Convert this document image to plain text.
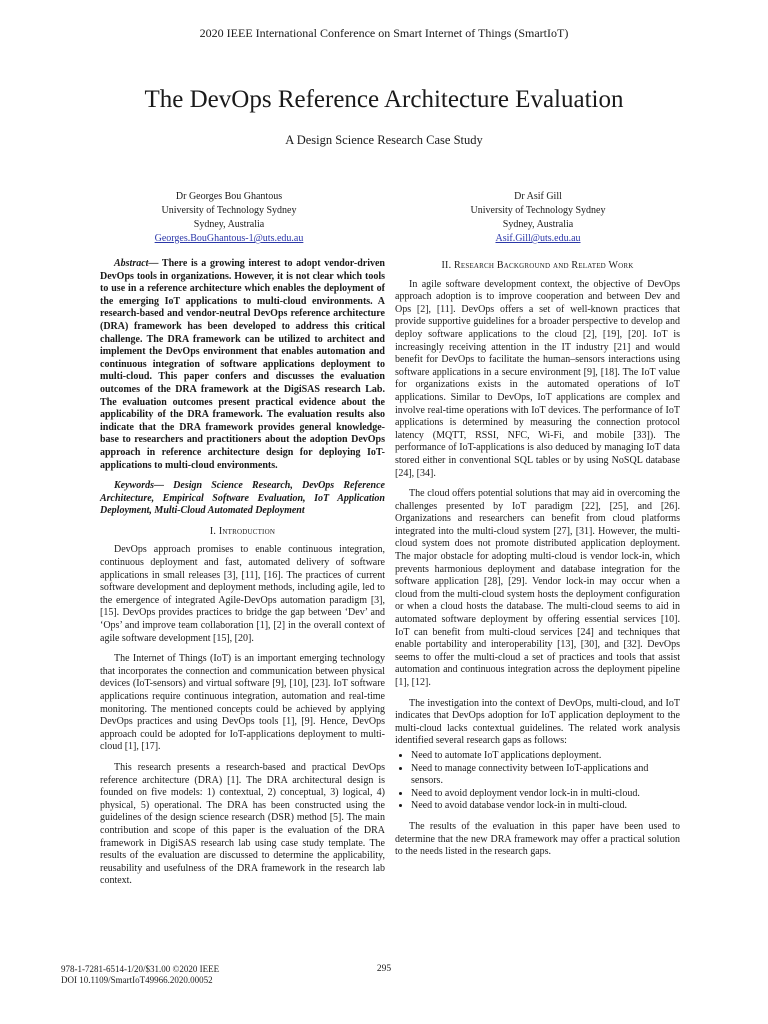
2020 IEEE International Conference on Smart Internet of Things (SmartIoT)
The DevOps Reference Architecture Evaluation
A Design Science Research Case Study
Dr Georges Bou Ghantous
University of Technology Sydney
Sydney, Australia
Georges.BouGhantous-1@uts.edu.au
Dr Asif Gill
University of Technology Sydney
Sydney, Australia
Asif.Gill@uts.edu.au

Abstract— There is a growing interest to adopt vendor-driven DevOps tools in organizations. However, it is not clear which tools to use in a reference architecture which enables the deployment of the emerging IoT applications to multi-cloud environments. A research-based and vendor-neutral DevOps reference architecture (DRA) framework has been developed to address this critical challenge. The DRA framework can be utilized to architect and implement the DevOps environment that enables automation and continuous integration of software applications deployment to multi-cloud. This paper confers and discusses the evaluation outcomes of the DRA framework at the DigiSAS research Lab. The evaluation outcomes present practical evidence about the applicability of the DRA framework. The evaluation results also indicate that the DRA framework provides general knowledge-base to researchers and practitioners about the adoption DevOps approach in reference architecture design for deploying IoT-applications to multi-cloud environments.

Keywords— Design Science Research, DevOps Reference Architecture, Empirical Software Evaluation, IoT Application Deployment, Multi-Cloud Automated Deployment

I. Introduction

DevOps approach promises to enable continuous integration, continuous deployment and fast, automated delivery of software applications in small releases [3], [11], [16]. The practices of current software development and deployment methods, including agile, led to the emergence of integrated Agile-DevOps automation paradigm [3], [15]. DevOps provides practices to bridge the gap between ‘Dev’ and ‘Ops’ and improve team collaboration [1], [2] in the overall context of agile software development [15], [20].

The Internet of Things (IoT) is an important emerging technology that incorporates the connection and communication between physical devices (IoT-sensors) and virtual software [9], [10], [23]. IoT software applications require continuous integration, automation and real-time monitoring. The mentioned concepts could be achieved by applying DevOps practices and using DevOps tools [1], [9]. Hence, DevOps approach could be adopted for IoT-applications deployment to multi-cloud [1], [17].

This research presents a research-based and practical DevOps reference architecture (DRA) [1]. The DRA architectural design is founded on five models: 1) contextual, 2) conceptual, 3) logical, 4) physical, 5) operational. The DRA has been constructed using the guidelines of the design science research (DSR) method [5]. The main contribution and scope of this paper is the evaluation of the DRA framework in DigiSAS research lab using case study template. The results of the evaluation are discussed to determine the applicability, reusability and usefulness of the DRA framework in the research lab context.

II. Research Background and Related Work

In agile software development context, the objective of DevOps approach adoption is to improve cooperation and between Dev and Ops [2], [11]. DevOps offers a set of well-known practices that provide supportive guidelines for a broader perspective to develop and deploy software applications to the cloud [2], [19], [20]. IoT is increasingly receiving attention in the IT industry [21] and would benefit for DevOps to facilitate the human–sensors interactions using software applications in a secure environment [9], [18]. The IoT value for organizations exists in the automated operations of IoT applications. Similar to DevOps, IoT applications are complex and involve real-time operations with IoT devices. The performance of IoT applications is determined by measuring the connection protocol latency (MQTT, RSSI, NFC, Wi-Fi, and mobile [33]). The performance of IoT-applications is also deduced by managing IoT data stored either in conventional SQL tables or by using NoSQL database [24], [34].

The cloud offers potential solutions that may aid in overcoming the challenges presented by IoT paradigm [22], [25], and [26]. Organizations and researchers can benefit from cloud platforms integrated into the multi-cloud system [27], [31]. However, the multi-cloud system does not promote distributed application deployment. The major obstacle for adopting multi-cloud is vendor lock-in, which prevents harmonious deployment and database integration for the software application [28], [29]. Vendor lock-in may occur when a cloud from the multi-cloud system hosts the deployment configuration or when a cloud hosts the database. The multi-cloud seems to aid in automated software deployment by offering essential services [10]. IoT can benefit from multi-cloud services [24] and techniques that enable portability and interoperability [13], [30], and [32]. DevOps seems to offer the multi-cloud a set of practices and tools that assist automation and continuous integration across the deployment pipeline [1], [12].

The investigation into the context of DevOps, multi-cloud, and IoT indicates that DevOps adoption for IoT application deployment to the multi-cloud lacks contextual guidelines. The related work analysis identified several research gaps as follows:

• Need to automate IoT applications deployment.
• Need to manage connectivity between IoT-applications and sensors.
• Need to avoid deployment vendor lock-in in multi-cloud.
• Need to avoid database vendor lock-in in multi-cloud.

The results of the evaluation in this paper have been used to determine that the new DRA framework may offer a practical solution to the needs listed in the research gaps.

978-1-7281-6514-1/20/$31.00 ©2020 IEEE
DOI 10.1109/SmartIoT49966.2020.00052
295
